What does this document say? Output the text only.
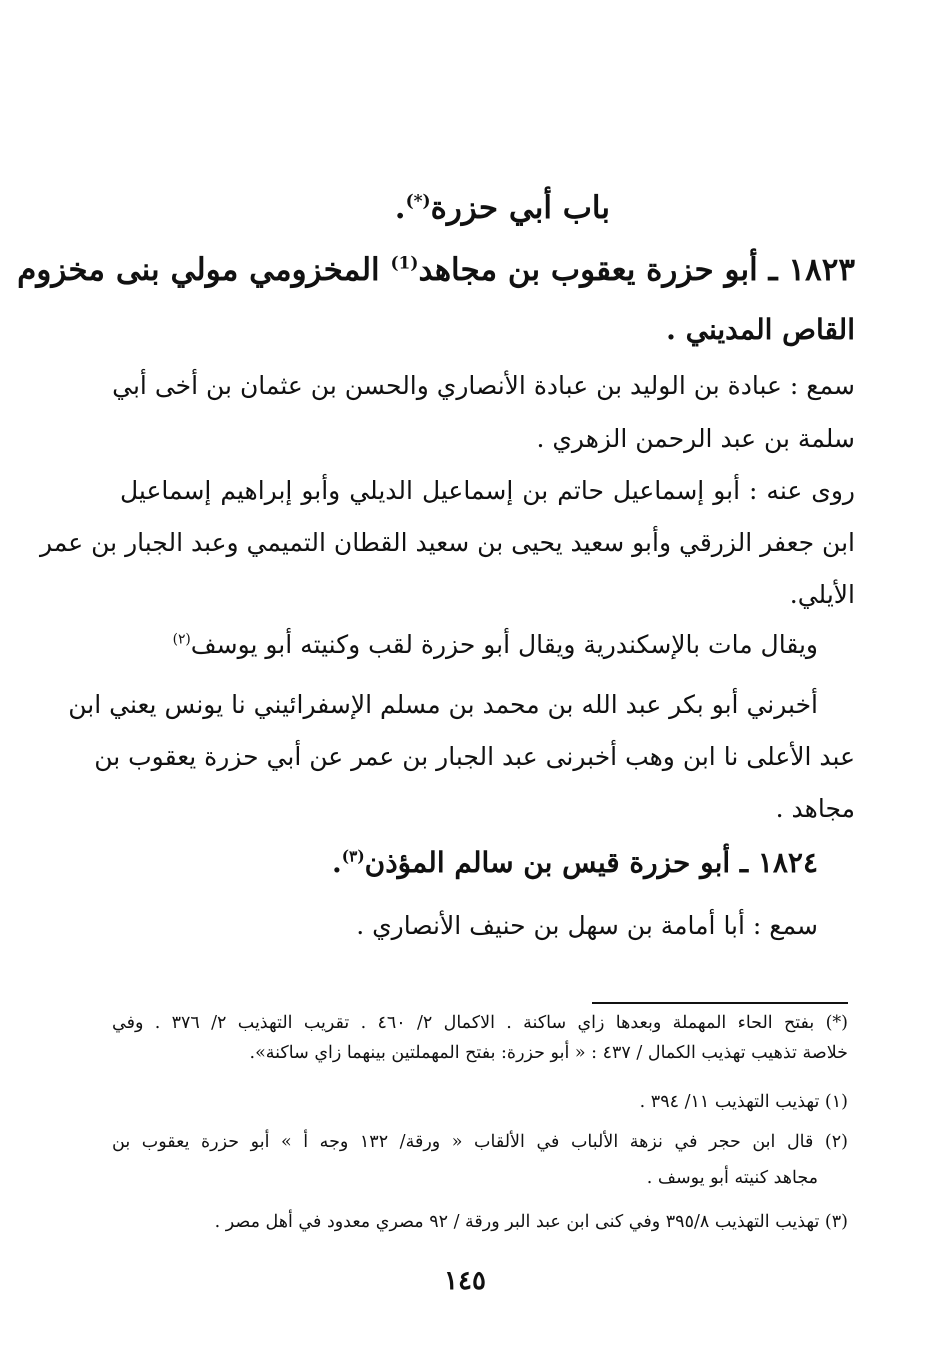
باب أبي حزرة(*).
١٨٢٣ ـ أبو حزرة يعقوب بن مجاهد$^{(1)}$ المخزومي مولي بنى مخزوم
القاص المديني .
سمع : عبادة بن الوليد بن عبادة الأنصاري والحسن بن عثمان بن أخى أبي
سلمة بن عبد الرحمن الزهري .
روى عنه : أبو إسماعيل حاتم بن إسماعيل الديلي وأبو إبراهيم إسماعيل
ابن جعفر الزرقي وأبو سعيد يحيى بن سعيد القطان التميمي وعبد الجبار بن عمر
الأيلي.
ويقال مات بالإسكندرية ويقال أبو حزرة لقب وكنيته أبو يوسف$^{(٢)}$
أخبرني أبو بكر عبد الله بن محمد بن مسلم الإسفرائيني نا يونس يعني ابن
عبد الأعلى نا ابن وهب أخبرنى عبد الجبار بن عمر عن أبي حزرة يعقوب بن
مجاهد .
١٨٢٤ ـ أبو حزرة قيس بن سالم المؤذن$^{(٣)}$.
سمع : أبا أمامة بن سهل بن حنيف الأنصاري .
(*) بفتح الحاء المهملة وبعدها زاي ساكنة . الاكمال ٢/ ٤٦٠ . تقريب التهذيب ٢/ ٣٧٦ . وفي
خلاصة تذهيب تهذيب الكمال / ٤٣٧ : « أبو حزرة: بفتح المهملتين بينهما زاي ساكنة».
(١) تهذيب التهذيب ١١/ ٣٩٤ .
(٢) قال ابن حجر في نزهة الألباب في الألقاب « ورقة/ ١٣٢ وجه أ » أبو حزرة يعقوب بن
مجاهد كنيته أبو يوسف .
(٣) تهذيب التهذيب ٣٩٥/٨ وفي كنى ابن عبد البر ورقة / ٩٢ مصري معدود في أهل مصر .
١٤٥
